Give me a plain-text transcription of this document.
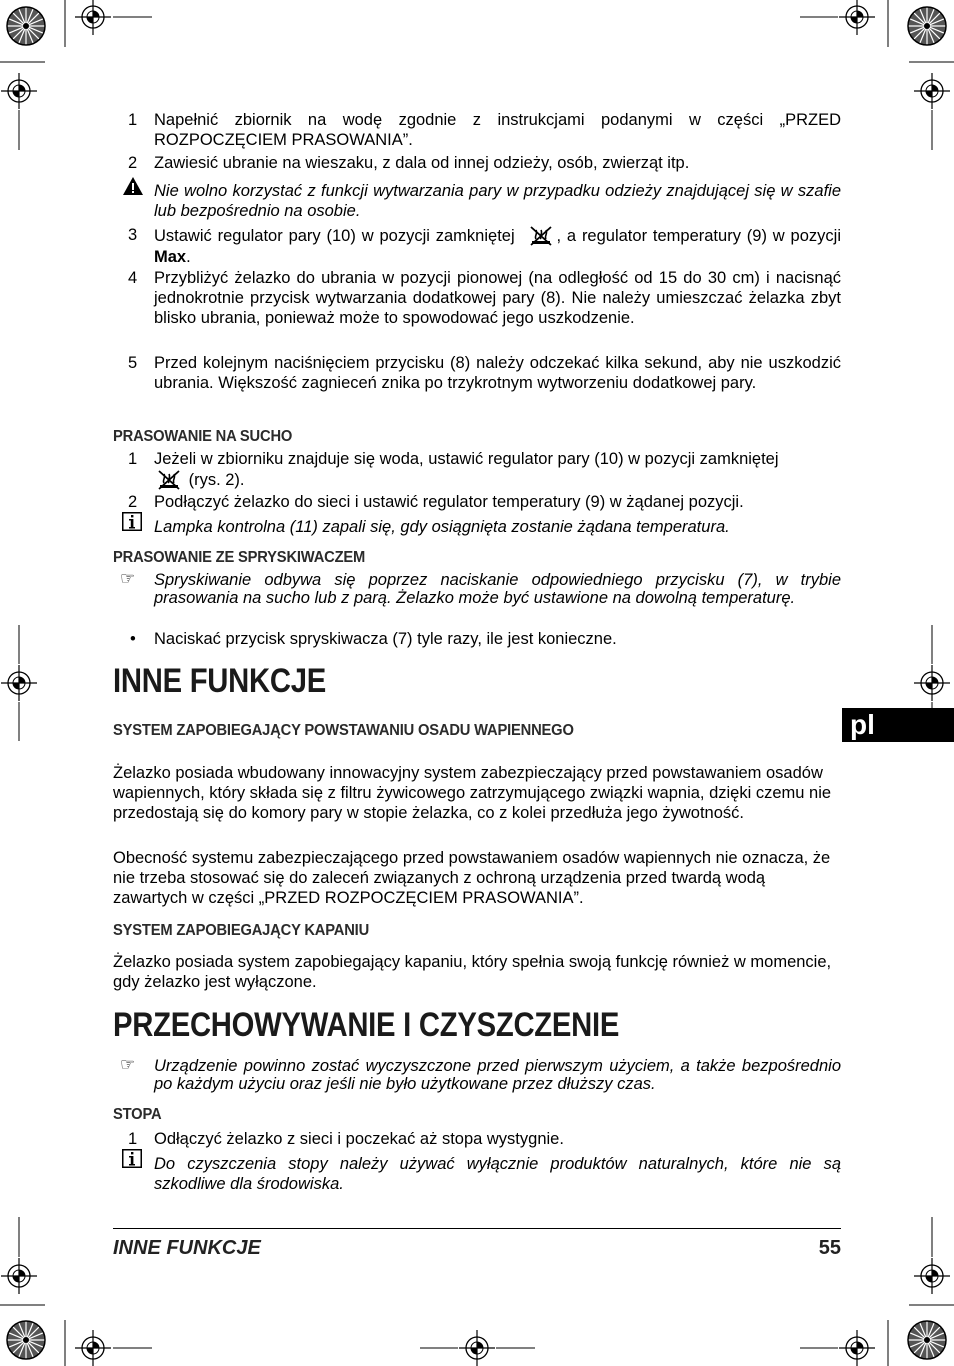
1 Napełnić zbiornik na wodę zgodnie z instrukcjami podanymi w części „PRZED ROZPOCZĘCIEM PRASOWANIA”.
2 Zawiesić ubranie na wieszaku, z dala od innej odzieży, osób, zwierząt itp.
Nie wolno korzystać z funkcji wytwarzania pary w przypadku odzieży znajdującej się w szafie lub bezpośrednio na osobie.
3 Ustawić regulator pary (10) w pozycji zamkniętej	, a regulator temperatury (9) w pozycji Max.
4 Przybliżyć żelazko do ubrania w pozycji pionowej (na odległość od 15 do 30 cm) i nacisnąć jednokrotnie przycisk wytwarzania dodatkowej pary (8). Nie należy umieszczać żelazka zbyt blisko ubrania, ponieważ może to spowodować jego uszkodzenie.
5 Przed kolejnym naciśnięciem przycisku (8) należy odczekać kilka sekund, aby nie uszkodzić ubrania. Większość zagnieceń znika po trzykrotnym wytworzeniu dodatkowej pary.
PRASOWANIE NA SUCHO
1 Jeżeli w zbiorniku znajduje się woda, ustawić regulator pary (10) w pozycji zamkniętej
(rys. 2).
2 Podłączyć żelazko do sieci i ustawić regulator temperatury (9) w żądanej pozycji.
Lampka kontrolna (11) zapali się, gdy osiągnięta zostanie żądana temperatura.
PRASOWANIE ZE SPRYSKIWACZEM
☞ Spryskiwanie odbywa się poprzez naciskanie odpowiedniego przycisku (7), w trybie prasowania na sucho lub z parą. Żelazko może być ustawione na dowolną temperaturę.
• Naciskać przycisk spryskiwacza (7) tyle razy, ile jest konieczne.
INNE FUNKCJE
SYSTEM ZAPOBIEGAJĄCY POWSTAWANIU OSADU WAPIENNEGO
Żelazko posiada wbudowany innowacyjny system zabezpieczający przed powstawaniem osadów wapiennych, który składa się z filtru żywicowego zatrzymującego związki wapnia, dzięki czemu nie przedostają się do komory pary w stopie żelazka, co z kolei przedłuża jego żywotność.
Obecność systemu zabezpieczającego przed powstawaniem osadów wapiennych nie oznacza, że nie trzeba stosować się do zaleceń związanych z ochroną urządzenia przed twardą wodą zawartych w części „PRZED ROZPOCZĘCIEM PRASOWANIA”.
SYSTEM ZAPOBIEGAJĄCY KAPANIU
Żelazko posiada system zapobiegający kapaniu, który spełnia swoją funkcję również w momencie, gdy żelazko jest wyłączone.
pl
PRZECHOWYWANIE I CZYSZCZENIE
☞ Urządzenie powinno zostać wyczyszczone przed pierwszym użyciem, a także bezpośrednio po każdym użyciu oraz jeśli nie było użytkowane przez dłuższy czas.
STOPA
1 Odłączyć żelazko z sieci i poczekać aż stopa wystygnie.
Do czyszczenia stopy należy używać wyłącznie produktów naturalnych, które nie są szkodliwe dla środowiska.
INNE FUNKCJE	55
